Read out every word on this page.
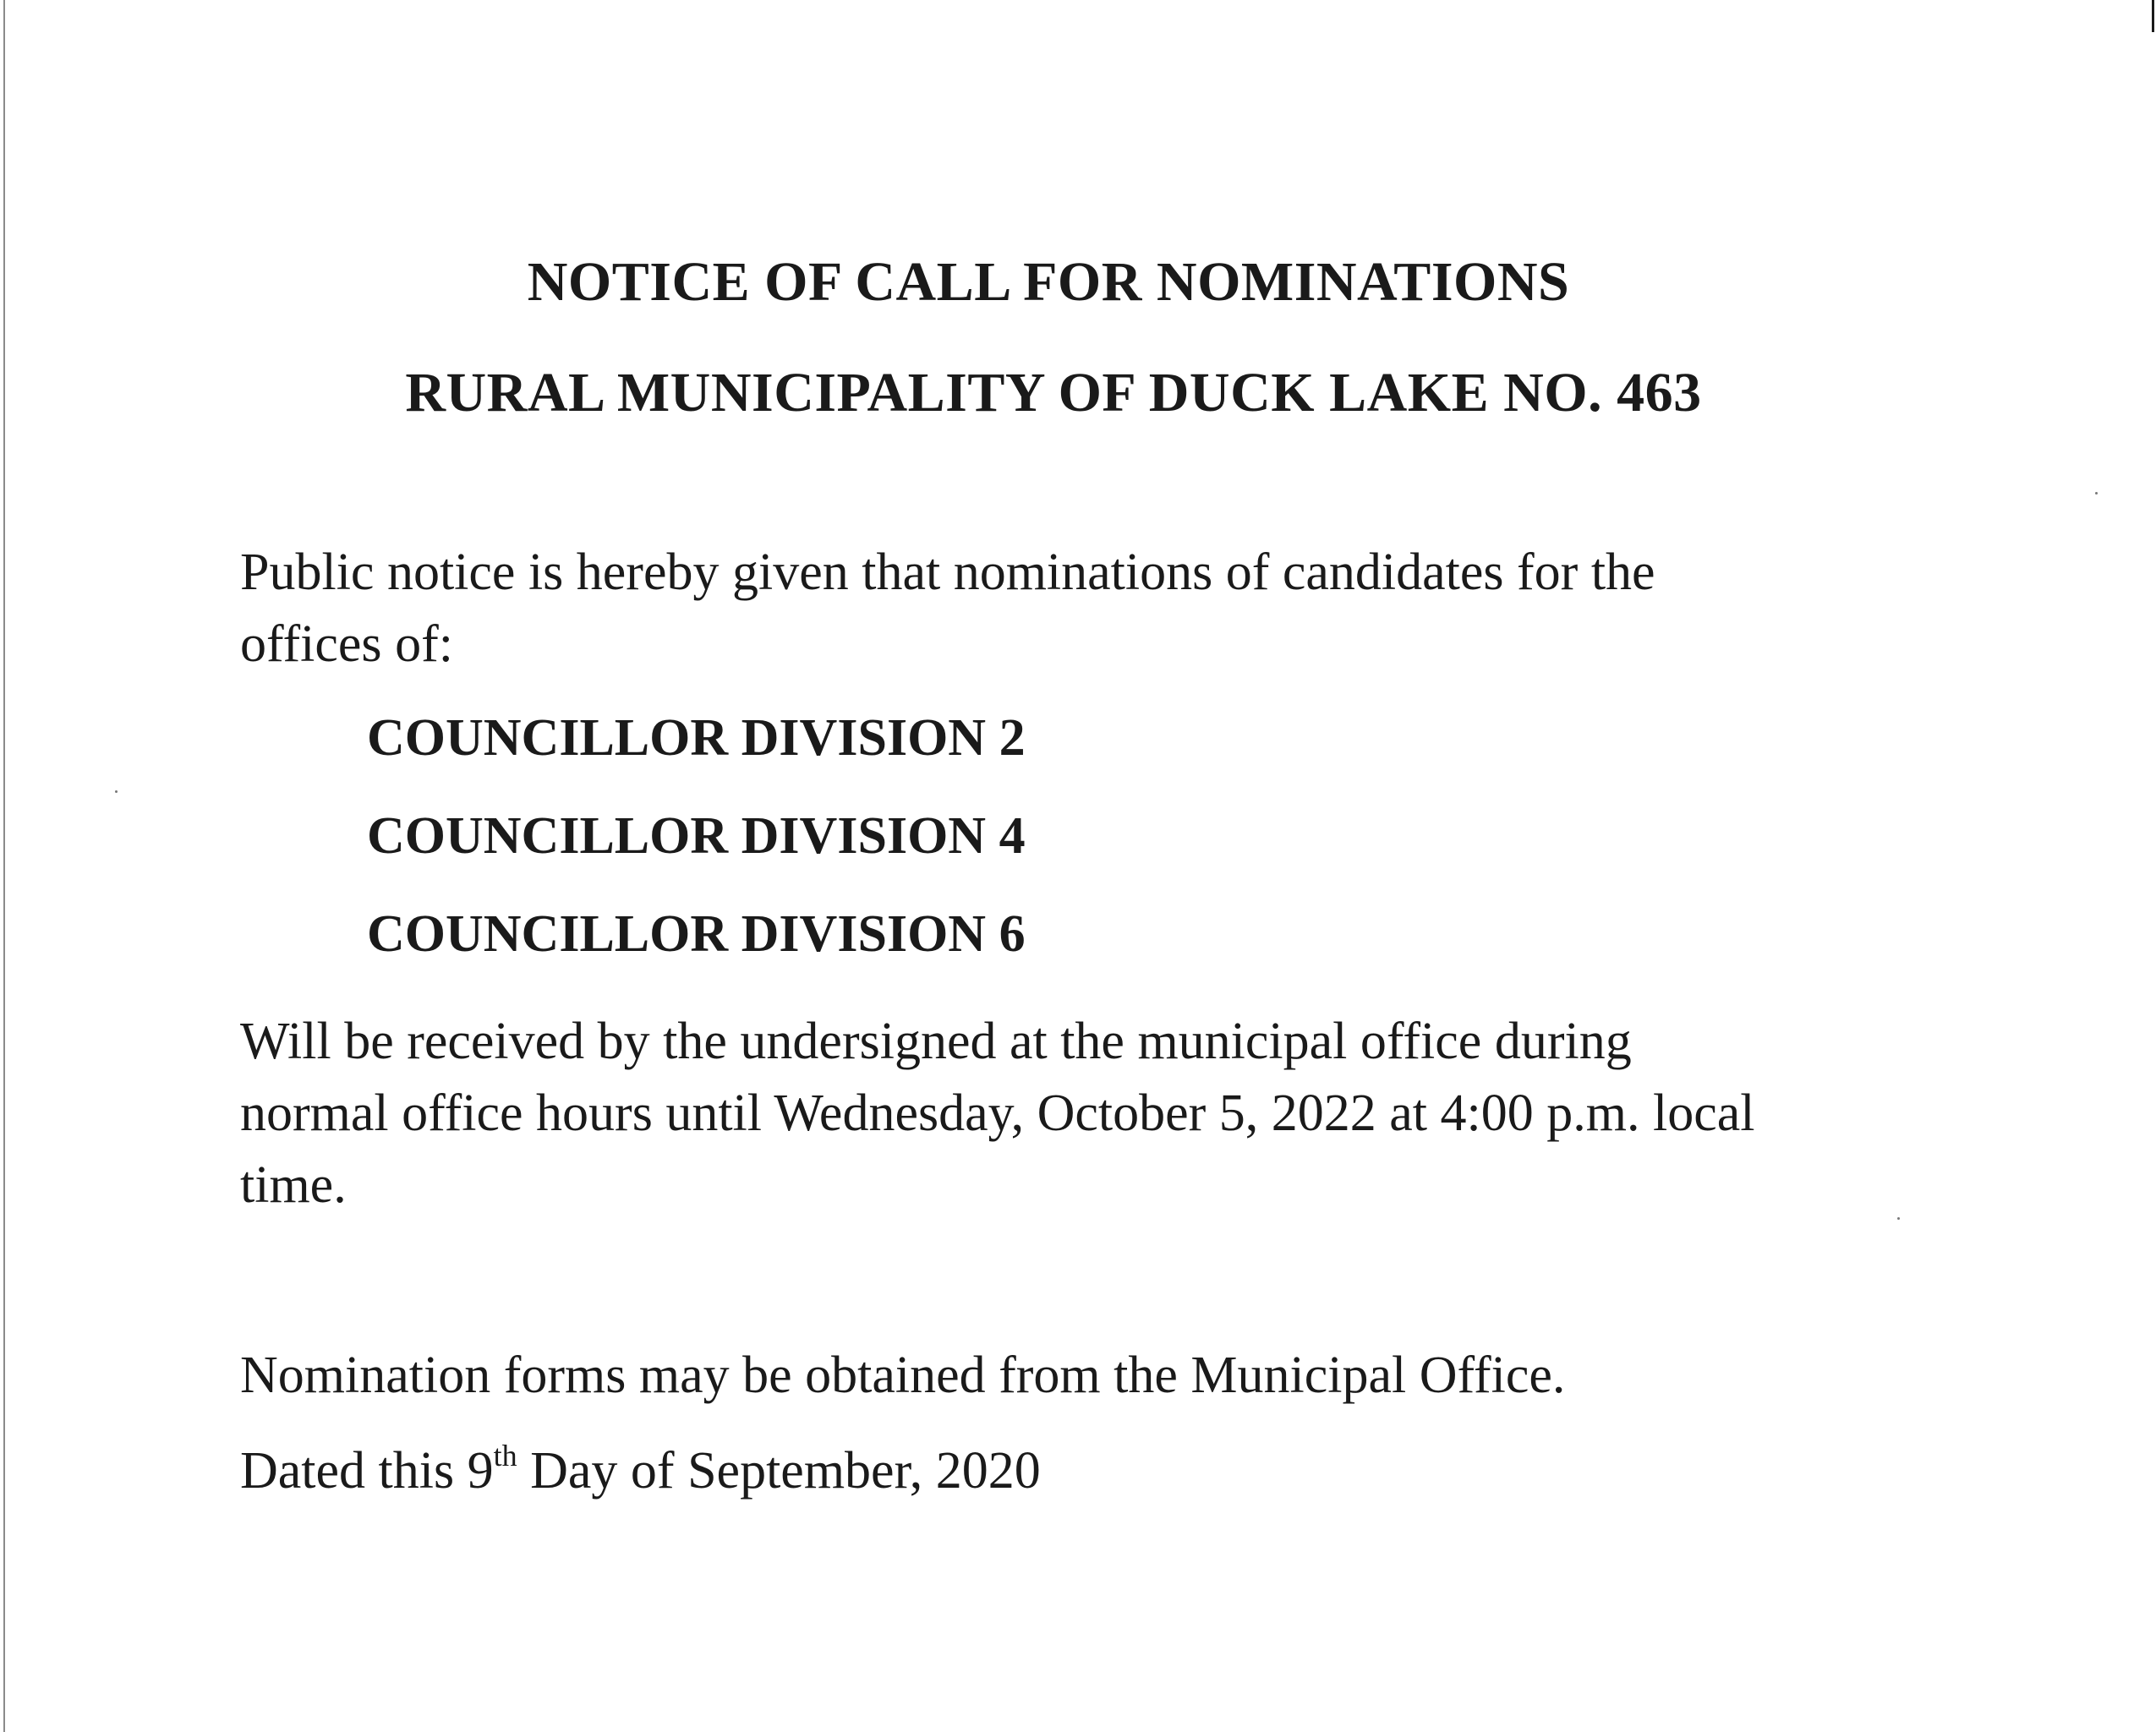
NOTICE OF CALL FOR NOMINATIONS
RURAL MUNICIPALITY OF DUCK LAKE NO. 463
Public notice is hereby given that nominations of candidates for the
offices of:
COUNCILLOR DIVISION 2
COUNCILLOR DIVISION 4
COUNCILLOR DIVISION 6
Will be received by the undersigned at the municipal office during
normal office hours until Wednesday, October 5, 2022 at 4:00 p.m. local
time.
Nomination forms may be obtained from the Municipal Office.
Dated this 9th Day of September, 2020
